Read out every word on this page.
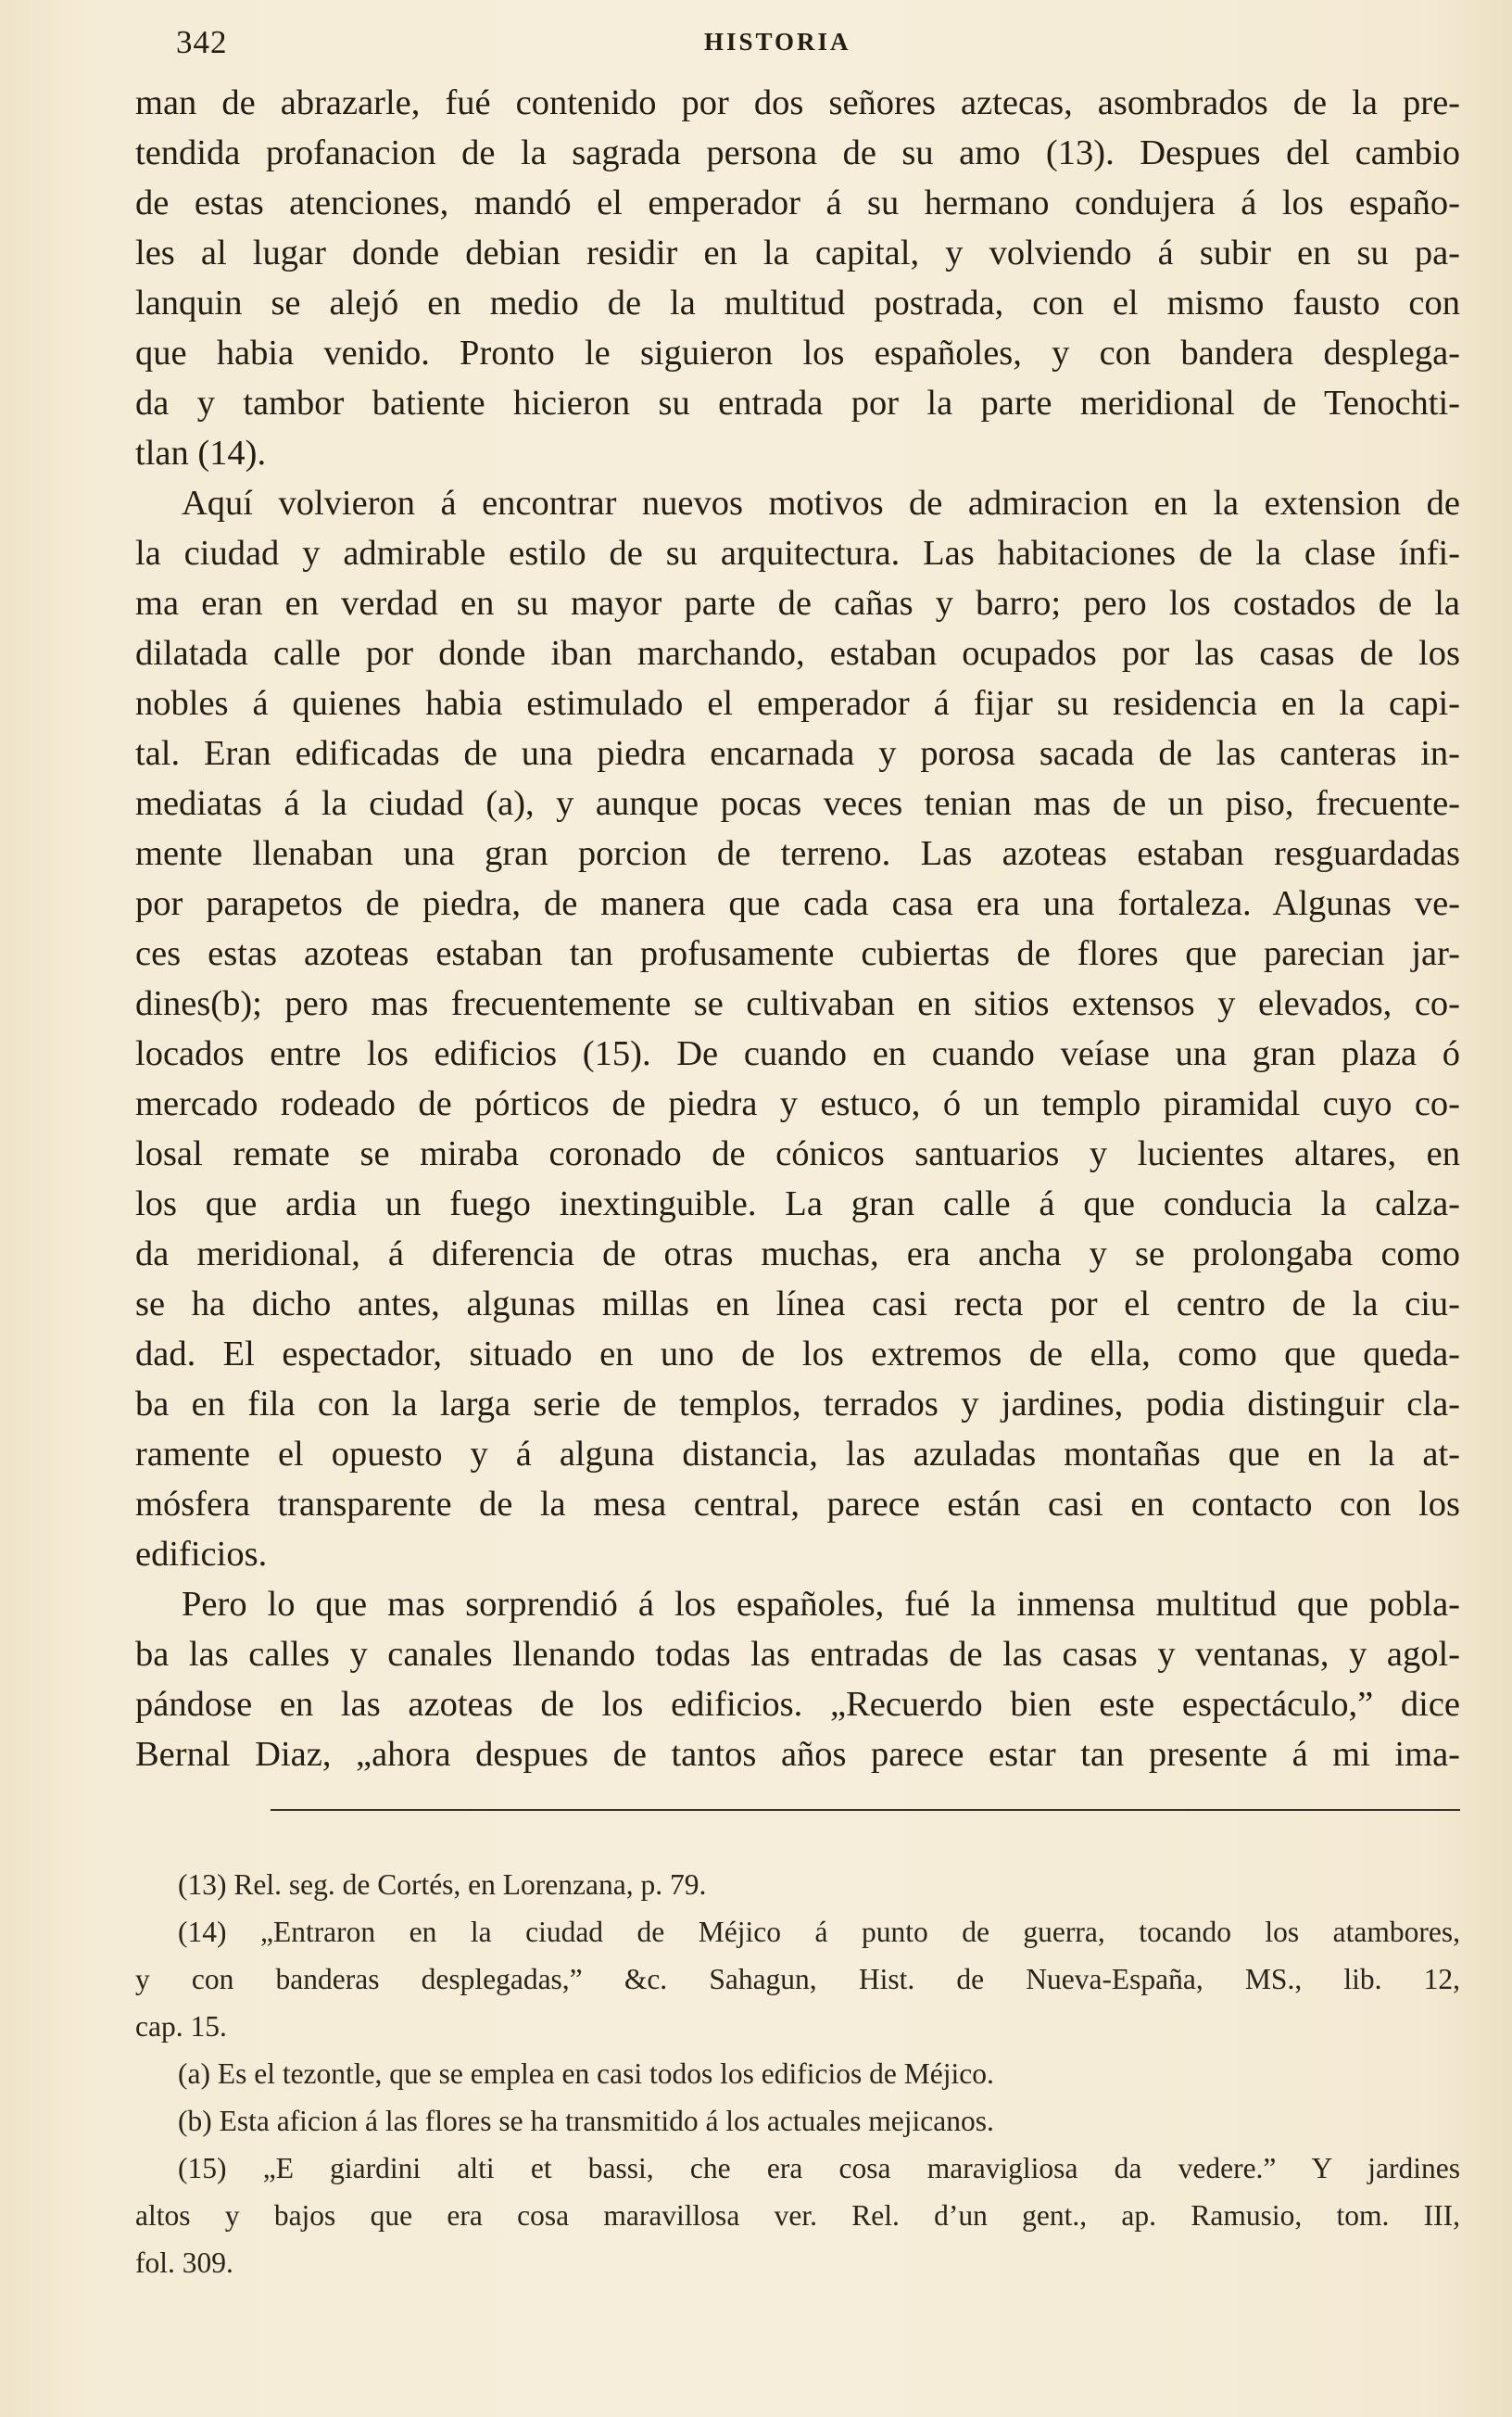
342	HISTORIA
man de abrazarle, fué contenido por dos señores aztecas, asombrados de la pre-
tendida profanacion de la sagrada persona de su amo (13). Despues del cambio
de estas atenciones, mandó el emperador á su hermano condujera á los españo-
les al lugar donde debian residir en la capital, y volviendo á subir en su pa-
lanquin se alejó en medio de la multitud postrada, con el mismo fausto con
que habia venido. Pronto le siguieron los españoles, y con bandera desplega-
da y tambor batiente hicieron su entrada por la parte meridional de Tenochti-
tlan (14).
Aquí volvieron á encontrar nuevos motivos de admiracion en la extension de
la ciudad y admirable estilo de su arquitectura. Las habitaciones de la clase ínfi-
ma eran en verdad en su mayor parte de cañas y barro; pero los costados de la
dilatada calle por donde iban marchando, estaban ocupados por las casas de los
nobles á quienes habia estimulado el emperador á fijar su residencia en la capi-
tal. Eran edificadas de una piedra encarnada y porosa sacada de las canteras in-
mediatas á la ciudad (a), y aunque pocas veces tenian mas de un piso, frecuente-
mente llenaban una gran porcion de terreno. Las azoteas estaban resguardadas
por parapetos de piedra, de manera que cada casa era una fortaleza. Algunas ve-
ces estas azoteas estaban tan profusamente cubiertas de flores que parecian jar-
dines(b); pero mas frecuentemente se cultivaban en sitios extensos y elevados, co-
locados entre los edificios (15). De cuando en cuando veíase una gran plaza ó
mercado rodeado de pórticos de piedra y estuco, ó un templo piramidal cuyo co-
losal remate se miraba coronado de cónicos santuarios y lucientes altares, en
los que ardia un fuego inextinguible. La gran calle á que conducia la calza-
da meridional, á diferencia de otras muchas, era ancha y se prolongaba como
se ha dicho antes, algunas millas en línea casi recta por el centro de la ciu-
dad. El espectador, situado en uno de los extremos de ella, como que queda-
ba en fila con la larga serie de templos, terrados y jardines, podia distinguir cla-
ramente el opuesto y á alguna distancia, las azuladas montañas que en la at-
mósfera transparente de la mesa central, parece están casi en contacto con los
edificios.
Pero lo que mas sorprendió á los españoles, fué la inmensa multitud que pobla-
ba las calles y canales llenando todas las entradas de las casas y ventanas, y agol-
pándose en las azoteas de los edificios. „Recuerdo bien este espectáculo,” dice
Bernal Diaz, „ahora despues de tantos años parece estar tan presente á mi ima-
(13) Rel. seg. de Cortés, en Lorenzana, p. 79.
(14) „Entraron en la ciudad de Méjico á punto de guerra, tocando los atambores,
y con banderas desplegadas,” &c. Sahagun, Hist. de Nueva-España, MS., lib. 12,
cap. 15.
(a) Es el tezontle, que se emplea en casi todos los edificios de Méjico.
(b) Esta aficion á las flores se ha transmitido á los actuales mejicanos.
(15) „E giardini alti et bassi, che era cosa maravigliosa da vedere.” Y jardines
altos y bajos que era cosa maravillosa ver. Rel. d’un gent., ap. Ramusio, tom. III,
fol. 309.
